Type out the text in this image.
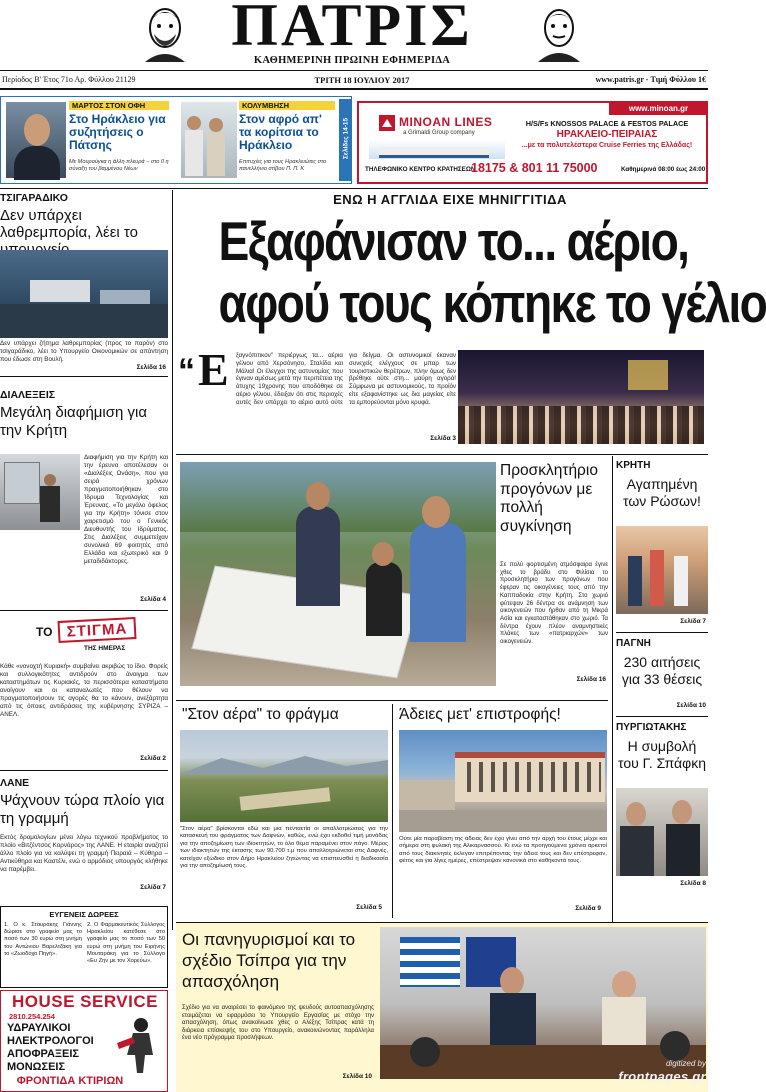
ΠΑΤΡΙΣ
ΚΑΘΗΜΕΡΙΝΗ ΠΡΩΙΝΗ ΕΦΗΜΕΡΙΔΑ
Περίοδος Β' Έτος 71ο Αρ. Φύλλου 21129	ΤΡΙΤΗ 18 ΙΟΥΛΙΟΥ 2017	www.patris.gr - Τιμή Φύλλου 1€
ΜΑΡΤΟΣ ΣΤΟΝ ΟΦΗ
Στο Ηράκλειο για συζητήσεις ο Πάτσης
Με Μουρούγκα η άλλη πλευρά – στο 0 η σύναξη του βαμμένου Νέων
ΚΟΛΥΜΒΗΣΗ
Στον αφρό απ' τα κορίτσια το Ηράκλειο
Επιτυχίες για τους Ηρακλειώτες στο πανελλήνιο στίβου Π. Π. Κ
Σελίδες 14-15
www.minoan.gr
MINOAN LINES
a Grimaldi Group company
H/S/Fs KNOSSOS PALACE & FESTOS PALACE
ΗΡΑΚΛΕΙΟ-ΠΕΙΡΑΙΑΣ
...με τα πολυτελέστερα Cruise Ferries της Ελλάδας!
ΤΗΛΕΦΩΝΙΚΟ ΚΕΝΤΡΟ ΚΡΑΤΗΣΕΩΝ
18175 & 801 11 75000	Καθημερινά 08:00 έως 24:00
ΤΣΙΓΑΡΑΔΙΚΟ
Δεν υπάρχει λαθρεμπορία, λέει το
Δεν υπάρχει ζήτημα λαθρεμπορίας (προς το παρόν) στο τσιγαράδικο, λέει το Υπουργείο Οικονομικών σε απάντηση που έδωσε στη Βουλή.
Σελίδα 16
ΔΙΑΛΕΞΕΙΣ
Μεγάλη διαφήμιση για την Κρήτη
Διαφήμιση για την Κρήτη και την έρευνα αποτέλεσαν οι «Διαλέξεις Ωνάση», που για σειρά χρόνων πραγματοποιήθηκαν στο Ίδρυμα Τεχνολογίας και Έρευνας. «Το μεγάλο όφελος για την Κρήτη» τόνισε στον χαιρετισμό του ο Γενικός Διευθυντής του Ιδρύματος. Στις Διαλέξεις συμμετείχαν συνολικά 69 φοιτητές από Ελλάδα και εξωτερικό και 9 μεταδιδάκτορες.
Σελίδα 4
ΤΟ ΣΤΙΓΜΑ
ΤΗΣ ΗΜΕΡΑΣ
Κάθε «νονοχτή Κυριακή» συμβαίνει ακριβώς το ίδιο. Φορείς και συλλογικότητες αντιδρούν στο άνοιγμα των καταστημάτων τις Κυριακές, τα περισσότερα καταστήματα ανοίγουν και οι καταναλωτές που θέλουν να πραγματοποιήσουν τις αγορές θα το κάνουν, ανεξάρτητα από τις όποιες αντιδράσεις της κυβέρνησης ΣΥΡΙΖΑ – ΑΝΕΛ.
Σελίδα 2
ΛΑΝΕ
Ψάχνουν τώρα πλοίο για τη γραμμή
Εκτός δρομολογίων μένει λόγω τεχνικού προβλήματος το πλοίο «Βιτζέντσος Κορνάρος» της ΛΑΝΕ. Η εταιρία αναζητεί άλλο πλοίο για να καλύψει τη γραμμή Πειραιά – Κύθηρα – Αντικύθηρα και Καστέλι, ενώ ο αρμόδιος υπουργός κλήθηκε να παρέμβει.
Σελίδα 7
ΕΥΓΕΝΕΙΣ ΔΩΡΕΕΣ
1. Ο κ. Σταυράκης Γιάννης δώρισε στο γραφείο μας το ποσό των 30 ευρώ στη μνήμη του Αντώνιου Βαρελτζάκη για το «Ζωοδόχο Πηγή».
2. Ο Φαρμακευτικός Σύλλογος Ηρακλείου κατέθεσε στο γραφείο μας το ποσό των 50 ευρώ στη μνήμη του Ειρήνης Μουταράκη για το Σύλλογο «Ευ Ζην με τον Χορεύω».
HOUSE SERVICE
2810.254.254
ΥΔΡΑΥΛΙΚΟΙ
ΗΛΕΚΤΡΟΛΟΓΟΙ
ΑΠΟΦΡΑΞΕΙΣ
ΜΟΝΩΣΕΙΣ
ΦΡΟΝΤΙΔΑ ΚΤΙΡΙΩΝ
ΕΝΩ Η ΑΓΓΛΙΔΑ ΕΙΧΕ ΜΗΝΙΓΓΙΤΙΔΑ
Εξαφάνισαν το... αέριο,
αφού τους κόπηκε το γέλιο
“ Ε ξαγνόπιτικον" περιέργως τα... αέρια γέλιου από Χερσόνησο, Σταλίδα και Μάλια! Οι έλεγχοι της αστυνομίας που έγιναν αμέσως μετά την περιπέτεια της άτυχης 19χρονης που αποδόθηκε σε αέριο γέλιου, έδειξαν ότι στις περιοχές αυτές δεν υπάρχει το αέριο αυτό ούτε για δείγμα. Οι αστυνομικοί έκαναν συνεχείς ελέγχους σε μπαρ των τουριστικών θερέτρων, πλην όμως δεν βρέθηκε ούτε στη... μαύρη αγορά! Σύμφωνα με αστυνομικούς, το προϊόν είτε εξαφανίστηκε ως δια μαγείας είτε τα εμπορεύονται μόνο κρυφά.
Σελίδα 3
Προσκλητήριο προγόνων με πολλή συγκίνηση
Σε πολύ φορτισμένη ατμόσφαιρα έγινε χθες το βράδυ στο Φιλίσια το προσκλητήριο των προγόνων που έφεραν τις οικογένειες τους από την Καππαδοκία στην Κρήτη. Στο χωριό φύτεψαν 26 δέντρα σε ανάμνηση των οικογενειών που ήρθαν από τη Μικρά Ασία και εγκαταστάθηκαν στο χωριό. Τα δέντρα έχουν πλέον αναμνηστικές πλάκες των «πατριαρχών» των οικογενειών.
Σελίδα 16
"Στον αέρα" το φράγμα
"Στον αέρα" βρίσκονται εδώ και μια πενταετία οι απαλλοτριώσεις για την κατασκευή του φράγματος των Δαφνών, καθώς, ενώ έχει εκδοθεί τιμή μονάδας για την αποζημίωση των ιδιοκτητών, το όλο θέμα παραμένει στον πάγο. Μέρος των ιδιοκτητών της έκτασης των 90.700 τ.μ που απαλλοτριώνεται στις Δαφνές, κατείχαν εξώδικο στον Δήμο Ηρακλείου ζητώντας να επισπευσθεί η διαδικασία για την αποζημίωσή τους.
Σελίδα 5
Άδειες μετ' επιστροφής!
Ούτε μία παραβίαση της άδειας δεν έχει γίνει από την αρχή του έτους μέχρι και σήμερα στη φυλακή της Αλικαρνασσού. Κι ενώ τα προηγούμενα χρόνια αρκετοί από τους διακινητές έκλεγαν επιτρέποντας την άδεια τους και δεν επέστρεφαν, φέτος και για λίγες ημέρες, επέστρεψαν κανονικά στο καθήκοντά τους.
Σελίδα 9
ΚΡΗΤΗ
Αγαπημένη των Ρώσων!
Σελίδα 7
ΠΑΓΝΗ
230 αιτήσεις για 33 θέσεις
Σελίδα 10
ΠΥΡΓΙΩΤΑΚΗΣ
Η συμβολή του Γ. Σπάφκη
Σελίδα 8
Οι πανηγυρισμοί και το σχέδιο Τσίπρα για την απασχόληση
Σχέδιο για να αναιρέσει το φαινόμενο της ψευδούς αυτοαπασχόλησης ετοιμάζεται να εφαρμόσει το Υπουργείο Εργασίας με στόχο την απασχόληση, όπως ανακοίνωσε χθες ο Αλέξης Τσίπρας κατά τη διάρκεια επίσκεψής του στο Υπουργείο, ανακοινώνοντας παράλληλα ένα νέο πρόγραμμα προσλήψεων.
Σελίδα 10
digitized by
frontpages.gr
